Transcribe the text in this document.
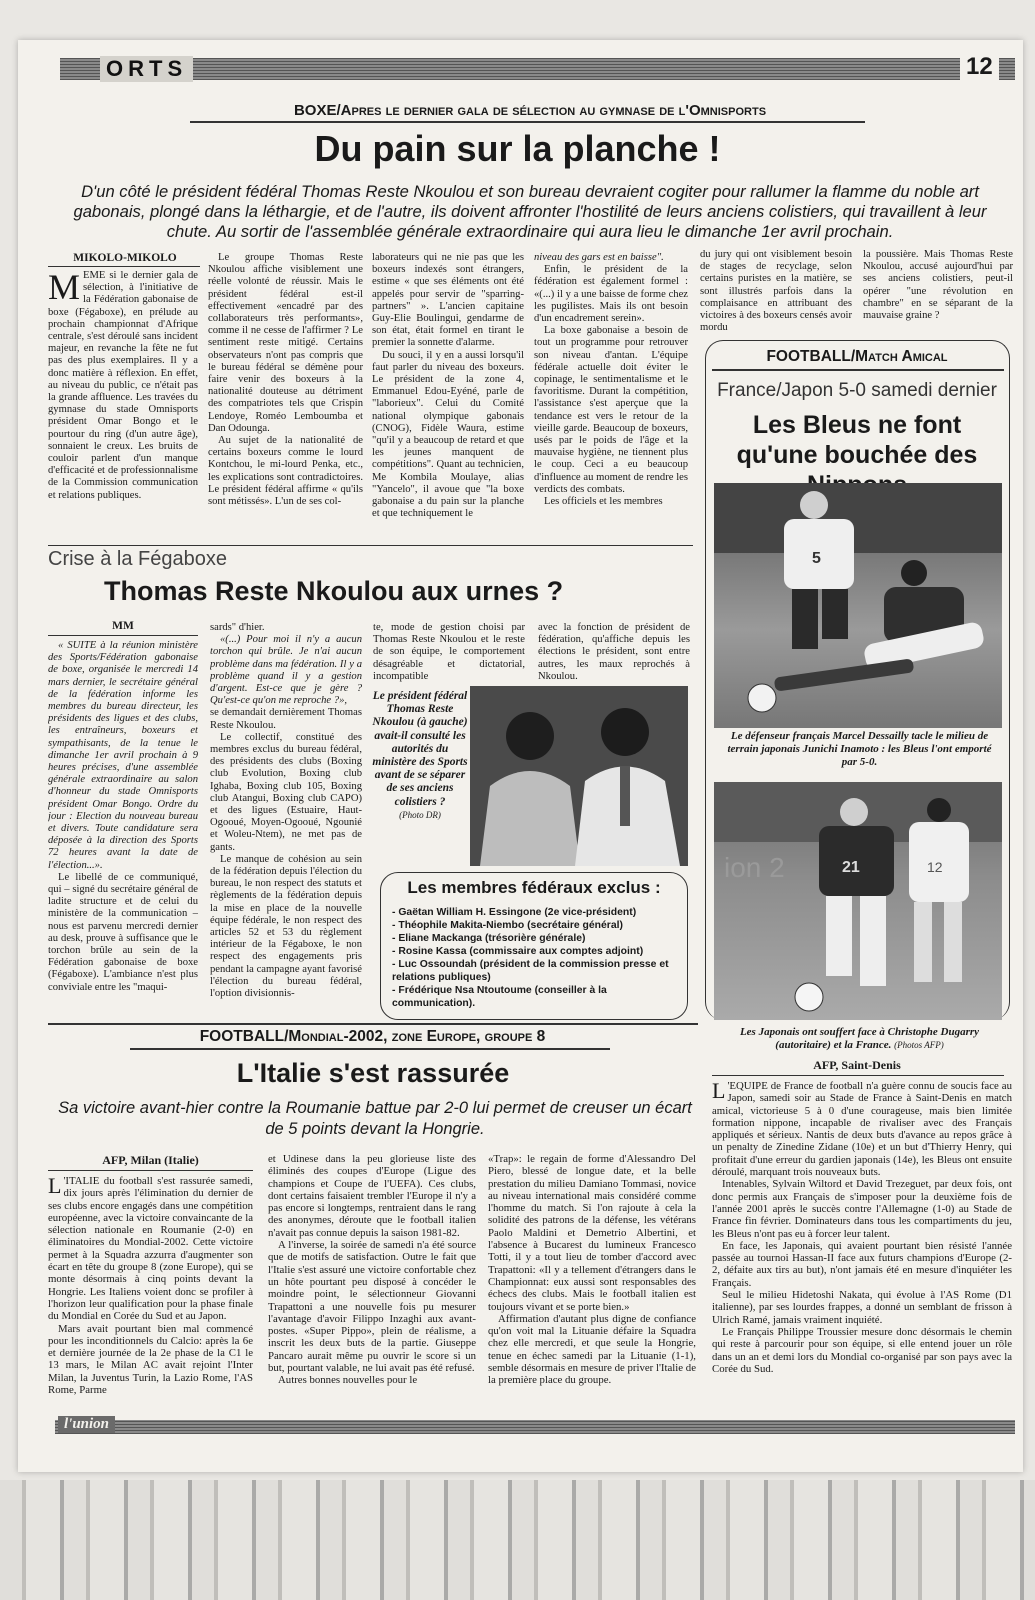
ORTS	12
BOXE/Apres le dernier gala de sélection au gymnase de l'Omnisports
Du pain sur la planche !
D'un côté le président fédéral Thomas Reste Nkoulou et son bureau devraient cogiter pour rallumer la flamme du noble art gabonais, plongé dans la léthargie, et de l'autre, ils doivent affronter l'hostilité de leurs anciens colistiers, qui travaillent à leur chute. Au sortir de l'assemblée générale extraordinaire qui aura lieu le dimanche 1er avril prochain.
MIKOLO-MIKOLO

MEME si le dernier gala de sélection, à l'initiative de la Fédération gabonaise de boxe (Fégaboxe), en prélude au prochain championnat d'Afrique centrale, s'est déroulé sans incident majeur, en revanche la fête ne fut pas des plus exemplaires. Il y a donc matière à réflexion. En effet, au niveau du public, ce n'était pas la grande affluence. Les travées du gymnase du stade Omnisports président Omar Bongo et le pourtour du ring (d'un autre âge), sonnaient le creux. Les bruits de couloir parlent d'un manque d'efficacité et de professionnalisme de la Commission communication et relations publiques.

Le groupe Thomas Reste Nkoulou affiche visiblement une réelle volonté de réussir. Mais le président fédéral est-il effectivement «encadré par des collaborateurs très performants», comme il ne cesse de l'affirmer ? Le sentiment reste mitigé. Certains observateurs n'ont pas compris que le bureau fédéral se démène pour faire venir des boxeurs à la nationalité douteuse au détriment des compatriotes tels que Crispin Lendoye, Roméo Lemboumba et Dan Odounga.

Au sujet de la nationalité de certains boxeurs comme le lourd Kontchou, le mi-lourd Penka, etc., les explications sont contradictoires. Le président fédéral affirme « qu'ils sont métissés». L'un de ses col-

laborateurs qui ne nie pas que les boxeurs indexés sont étrangers, estime « que ses éléments ont été appelés pour servir de "sparring-partners" ». L'ancien capitaine Guy-Elie Boulingui, gendarme de son état, était formel en tirant le premier la sonnette d'alarme.

Du souci, il y en a aussi lorsqu'il faut parler du niveau des boxeurs. Le président de la zone 4, Emmanuel Edou-Eyéné, parle de "laborieux". Celui du Comité national olympique gabonais (CNOG), Fidèle Waura, estime "qu'il y a beaucoup de retard et que les jeunes manquent de compétitions". Quant au technicien, Me Kombila Moulaye, alias "Yancelo", il avoue que "la boxe gabonaise a du pain sur la planche et que techniquement le

niveau des gars est en baisse".

Enfin, le président de la fédération est également formel : «(...) il y a une baisse de forme chez les pugilistes. Mais ils ont besoin d'un encadrement serein».

La boxe gabonaise a besoin de tout un programme pour retrouver son niveau d'antan. L'équipe fédérale actuelle doit éviter le copinage, le sentimentalisme et le favoritisme. Durant la compétition, l'assistance s'est aperçue que la tendance est vers le retour de la vieille garde. Beaucoup de boxeurs, usés par le poids de l'âge et la mauvaise hygiène, ne tiennent plus le coup. Ceci a eu beaucoup d'influence au moment de rendre les verdicts des combats.

Les officiels et les membres

du jury qui ont visiblement besoin de stages de recyclage, selon certains puristes en la matière, se sont illustrés parfois dans la complaisance en attribuant des victoires à des boxeurs censés avoir mordu

la poussière. Mais Thomas Reste Nkoulou, accusé aujourd'hui par ses anciens colistiers, peut-il opérer "une révolution en chambre" en se séparant de la mauvaise graine ?

FOOTBALL/Match Amical
France/Japon 5-0 samedi dernier
Les Bleus ne font qu'une bouchée des
5
Le défenseur français Marcel Dessailly tacle le milieu de terrain japonais Junichi Inamoto : les Bleus l'ont emporté par 5-0.
ion 2	21	12
Les Japonais ont souffert face à Christophe Dugarry (autoritaire) et la France. (Photos AFP)
AFP, Saint-Denis

L 'EQUIPE de France de football n'a guère connu de soucis face au Japon, samedi soir au Stade de France à Saint-Denis en match amical, victorieuse 5 à 0 d'une courageuse, mais bien limitée formation nippone, incapable de rivaliser avec des Français appliqués et sérieux. Nantis de deux buts d'avance au repos grâce à un penalty de Zinedine Zidane (10e) et un but d'Thierry Henry, qui profitait d'une erreur du gardien japonais (14e), les Bleus ont ensuite déroulé, marquant trois nouveaux buts.

Intenables, Sylvain Wiltord et David Trezeguet, par deux fois, ont donc permis aux Français de s'imposer pour la deuxième fois de l'année 2001 après le succès contre l'Allemagne (1-0) au Stade de France fin février. Dominateurs dans tous les compartiments du jeu, les Bleus n'ont pas eu à forcer leur talent.

En face, les Japonais, qui avaient pourtant bien résisté l'année passée au tournoi Hassan-II face aux futurs champions d'Europe (2-2, défaite aux tirs au but), n'ont jamais été en mesure d'inquiéter les Français.

Seul le milieu Hidetoshi Nakata, qui évolue à l'AS Rome (D1 italienne), par ses lourdes frappes, a donné un semblant de frisson à Ulrich Ramé, jamais vraiment inquiété.

Le Français Philippe Troussier mesure donc désormais le chemin qui reste à parcourir pour son équipe, si elle entend jouer un rôle dans un an et demi lors du Mondial co-organisé par son pays avec la Corée du Sud.

Crise à la Fégaboxe
Thomas Reste Nkoulou aux urnes ?
MM

« SUITE à la réunion ministère des Sports/Fédération gabonaise de boxe, organisée le mercredi 14 mars dernier, le secrétaire général de la fédération informe les membres du bureau directeur, les présidents des ligues et des clubs, les entraîneurs, boxeurs et sympathisants, de la tenue le dimanche 1er avril prochain à 9 heures précises, d'une assemblée générale extraordinaire au salon d'honneur du stade Omnisports président Omar Bongo. Ordre du jour : Election du nouveau bureau et divers. Toute candidature sera déposée à la direction des Sports 72 heures avant la date de l'élection...».

Le libellé de ce communiqué, qui – signé du secrétaire général de ladite structure et de celui du ministère de la communication – nous est parvenu mercredi dernier au desk, prouve à suffisance que le torchon brûle au sein de la Fédération gabonaise de boxe (Fégaboxe). L'ambiance n'est plus conviviale entre les "maqui-

sards" d'hier.

«(...) Pour moi il n'y a aucun torchon qui brûle. Je n'ai aucun problème dans ma fédération. Il y a problème quand il y a gestion d'argent. Est-ce que je gère ? Qu'est-ce qu'on me reproche ?»,

se demandait dernièrement Thomas Reste Nkoulou.

Le collectif, constitué des membres exclus du bureau fédéral, des présidents des clubs (Boxing club Evolution, Boxing club Ighaba, Boxing club 105, Boxing club Atangui, Boxing club CAPO) et des ligues (Estuaire, Haut-Ogooué, Moyen-Ogooué, Ngounié et Woleu-Ntem), ne met pas de gants.

Le manque de cohésion au sein de la fédération depuis l'élection du bureau, le non respect des statuts et règlements de la fédération depuis la mise en place de la nouvelle équipe fédérale, le non respect des articles 52 et 53 du règlement intérieur de la Fégaboxe, le non respect des engagements pris pendant la campagne ayant favorisé l'élection du bureau fédéral, l'option divisionnis-

te, mode de gestion choisi par Thomas Reste Nkoulou et le reste de son équipe, le comportement désagréable et dictatorial, incompatible

avec la fonction de président de fédération, qu'affiche depuis les élections le président, sont entre autres, les maux reprochés à Nkoulou.

Le président fédéral Thomas Reste Nkoulou (à gauche) avait-il consulté les autorités du ministère des Sports avant de se séparer de ses anciens colistiers ?
(Photo DR)
Les membres fédéraux exclus :
- Gaëtan William H. Essingone (2e vice-président)
- Théophile Makita-Niembo (secrétaire général)
- Eliane Mackanga (trésorière générale)
- Rosine Kassa (commissaire aux comptes adjoint)
- Luc Ossoundah (président de la commission presse et relations publiques)
- Frédérique Nsa Ntoutoume (conseiller à la communication).
FOOTBALL/Mondial-2002, zone Europe, groupe 8
L'Italie s'est rassurée
Sa victoire avant-hier contre la Roumanie battue par 2-0 lui permet de creuser un écart de 5 points devant la Hongrie.
AFP, Milan (Italie)

L 'ITALIE du football s'est rassurée samedi, dix jours après l'élimination du dernier de ses clubs encore engagés dans une compétition européenne, avec la victoire convaincante de la sélection nationale en Roumanie (2-0) en éliminatoires du Mondial-2002. Cette victoire permet à la Squadra azzurra d'augmenter son écart en tête du groupe 8 (zone Europe), qui se monte désormais à cinq points devant la Hongrie. Les Italiens voient donc se profiler à l'horizon leur qualification pour la phase finale du Mondial en Corée du Sud et au Japon.

Mars avait pourtant bien mal commencé pour les inconditionnels du Calcio: après la 6e et dernière journée de la 2e phase de la C1 le 13 mars, le Milan AC avait rejoint l'Inter Milan, la Juventus Turin, la Lazio Rome, l'AS Rome, Parme

et Udinese dans la peu glorieuse liste des éliminés des coupes d'Europe (Ligue des champions et Coupe de l'UEFA). Ces clubs, dont certains faisaient trembler l'Europe il n'y a pas encore si longtemps, rentraient dans le rang des anonymes, déroute que le football italien n'avait pas connue depuis la saison 1981-82.

A l'inverse, la soirée de samedi n'a été source que de motifs de satisfaction. Outre le fait que l'Italie s'est assuré une victoire confortable chez un hôte pourtant peu disposé à concéder le moindre point, le sélectionneur Giovanni Trapattoni a une nouvelle fois pu mesurer l'avantage d'avoir Filippo Inzaghi aux avant-postes. «Super Pippo», plein de réalisme, a inscrit les deux buts de la partie. Giuseppe Pancaro aurait même pu ouvrir le score si un but, pourtant valable, ne lui avait pas été refusé.

Autres bonnes nouvelles pour le

«Trap»: le regain de forme d'Alessandro Del Piero, blessé de longue date, et la belle prestation du milieu Damiano Tommasi, novice au niveau international mais considéré comme l'homme du match. Si l'on rajoute à cela la solidité des patrons de la défense, les vétérans Paolo Maldini et Demetrio Albertini, et l'absence à Bucarest du lumineux Francesco Totti, il y a tout lieu de tomber d'accord avec Trapattoni: «Il y a tellement d'étrangers dans le Championnat: eux aussi sont responsables des échecs des clubs. Mais le football italien est toujours vivant et se porte bien.»

Affirmation d'autant plus digne de confiance qu'on voit mal la Lituanie défaire la Squadra chez elle mercredi, et que seule la Hongrie, tenue en échec samedi par la Lituanie (1-1), semble désormais en mesure de priver l'Italie de la première place du groupe.

l'union
